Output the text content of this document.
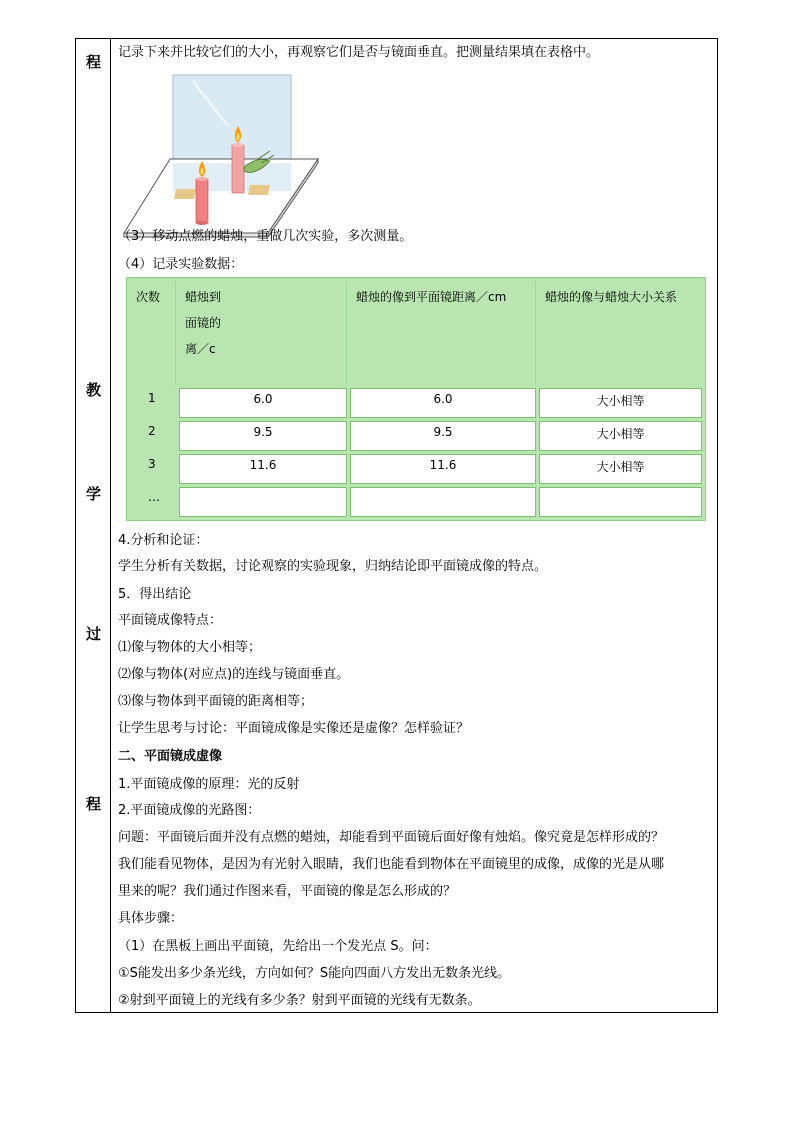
程
教
学
过
程
记录下来并比较它们的大小，再观察它们是否与镜面垂直。把测量结果填在表格中。
（3）移动点燃的蜡烛，重做几次实验，多次测量。
（4）记录实验数据：
次数	蜡烛到
面镜的
离／c	蜡烛的像到平面镜距离／cm	蜡烛的像与蜡烛大小关系
1	6.0	6.0	大小相等
2	9.5	9.5	大小相等
3	11.6	11.6	大小相等
…			
4.分析和论证：
学生分析有关数据，讨论观察的实验现象，归纳结论即平面镜成像的特点。
5．得出结论
平面镜成像特点：
⑴像与物体的大小相等；
⑵像与物体(对应点)的连线与镜面垂直。
⑶像与物体到平面镜的距离相等；
让学生思考与讨论：平面镜成像是实像还是虚像？怎样验证？
二、平面镜成虚像
1.平面镜成像的原理：光的反射
2.平面镜成像的光路图：
问题：平面镜后面并没有点燃的蜡烛，却能看到平面镜后面好像有烛焰。像究竟是怎样形成的？
我们能看见物体，是因为有光射入眼睛，我们也能看到物体在平面镜里的成像，成像的光是从哪
里来的呢？我们通过作图来看，平面镜的像是怎么形成的？
具体步骤：
（1）在黑板上画出平面镜，先给出一个发光点 S。问：
①S能发出多少条光线，方向如何？S能向四面八方发出无数条光线。
②射到平面镜上的光线有多少条？射到平面镜的光线有无数条。
